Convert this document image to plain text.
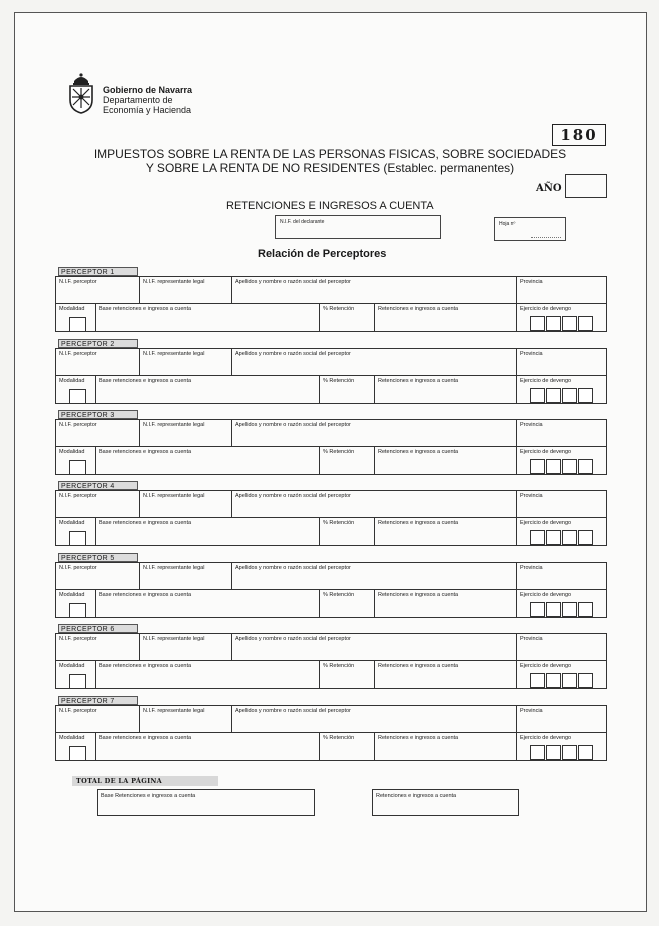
Gobierno de Navarra
Departamento de
Economía y Hacienda
180
IMPUESTOS SOBRE LA RENTA DE LAS PERSONAS FISICAS, SOBRE SOCIEDADES
Y SOBRE LA RENTA DE NO RESIDENTES (Establec. permanentes)
AÑO
RETENCIONES E INGRESOS A CUENTA
N.I.F. del declarante	Hoja nº
Relación de Perceptores
PERCEPTOR 1
N.I.F. perceptor	N.I.F. representante legal	Apellidos y nombre o razón social del perceptor	Provincia
Modalidad	Base retenciones e ingresos a cuenta	% Retención	Retenciones e ingresos a cuenta	Ejercicio de devengo
PERCEPTOR 2
N.I.F. perceptor	N.I.F. representante legal	Apellidos y nombre o razón social del perceptor	Provincia
Modalidad	Base retenciones e ingresos a cuenta	% Retención	Retenciones e ingresos a cuenta	Ejercicio de devengo
PERCEPTOR 3
N.I.F. perceptor	N.I.F. representante legal	Apellidos y nombre o razón social del perceptor	Provincia
Modalidad	Base retenciones e ingresos a cuenta	% Retención	Retenciones e ingresos a cuenta	Ejercicio de devengo
PERCEPTOR 4
N.I.F. perceptor	N.I.F. representante legal	Apellidos y nombre o razón social del perceptor	Provincia
Modalidad	Base retenciones e ingresos a cuenta	% Retención	Retenciones e ingresos a cuenta	Ejercicio de devengo
PERCEPTOR 5
N.I.F. perceptor	N.I.F. representante legal	Apellidos y nombre o razón social del perceptor	Provincia
Modalidad	Base retenciones e ingresos a cuenta	% Retención	Retenciones e ingresos a cuenta	Ejercicio de devengo
PERCEPTOR 6
N.I.F. perceptor	N.I.F. representante legal	Apellidos y nombre o razón social del perceptor	Provincia
Modalidad	Base retenciones e ingresos a cuenta	% Retención	Retenciones e ingresos a cuenta	Ejercicio de devengo
PERCEPTOR 7
N.I.F. perceptor	N.I.F. representante legal	Apellidos y nombre o razón social del perceptor	Provincia
Modalidad	Base retenciones e ingresos a cuenta	% Retención	Retenciones e ingresos a cuenta	Ejercicio de devengo
TOTAL DE LA PÁGINA
Base Retenciones e ingresos a cuenta	Retenciones e ingresos a cuenta
